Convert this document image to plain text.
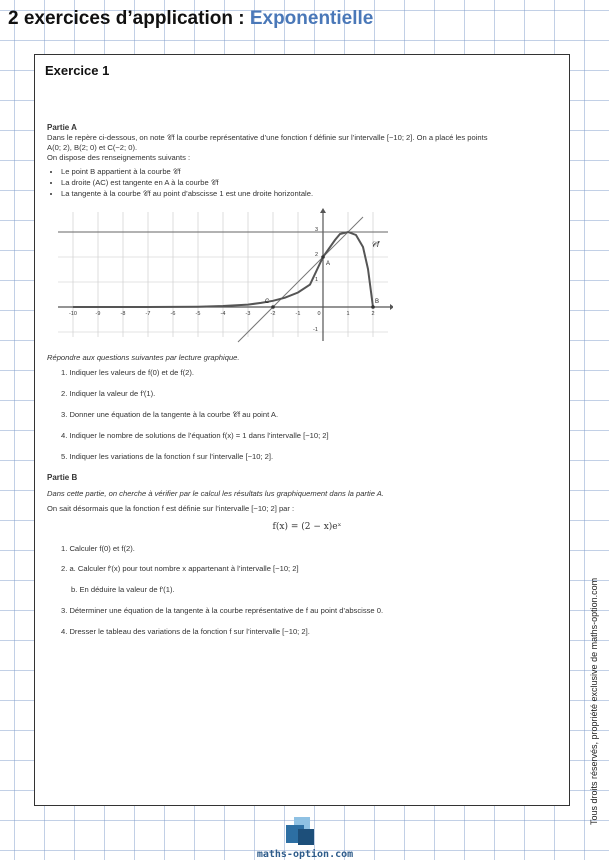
2 exercices d’application : Exponentielle
Exercice 1

Partie A

Dans le repère ci-dessous, on note 𝒞f la courbe représentative d’une fonction f définie sur l’intervalle [−10; 2]. On a placé les points

A(0; 2), B(2; 0) et C(−2; 0).

On dispose des renseignements suivants :

• Le point B appartient à la courbe 𝒞f
• La droite (AC) est tangente en A à la courbe 𝒞f
• La tangente à la courbe 𝒞f au point d’abscisse 1 est une droite horizontale.
-10	-9	-8	-7	-6	-5	-4	-3	-2	-1	0	1	2
3
2
1
-1
A
B
C
𝒞f

Répondre aux questions suivantes par lecture graphique.

1. Indiquer les valeurs de f(0) et de f(2).
2. Indiquer la valeur de f′(1).
3. Donner une équation de la tangente à la courbe 𝒞f au point A.
4. Indiquer le nombre de solutions de l’équation f(x) = 1 dans l’intervalle [−10; 2]
5. Indiquer les variations de la fonction f sur l’intervalle [−10; 2].

Partie B

Dans cette partie, on cherche à vérifier par le calcul les résultats lus graphiquement dans la partie A.

On sait désormais que la fonction f est définie sur l’intervalle [−10; 2] par :

f(x) = (2 − x)eˣ
1. Calculer f(0) et f(2).
2. a. Calculer f′(x) pour tout nombre x appartenant à l’intervalle [−10; 2]
b. En déduire la valeur de f′(1).
3. Déterminer une équation de la tangente à la courbe représentative de f au point d’abscisse 0.
4. Dresser le tableau des variations de la fonction f sur l’intervalle [−10; 2].	Tous droits réservés, propriété exclusive de maths-option.com
maths-option.com
